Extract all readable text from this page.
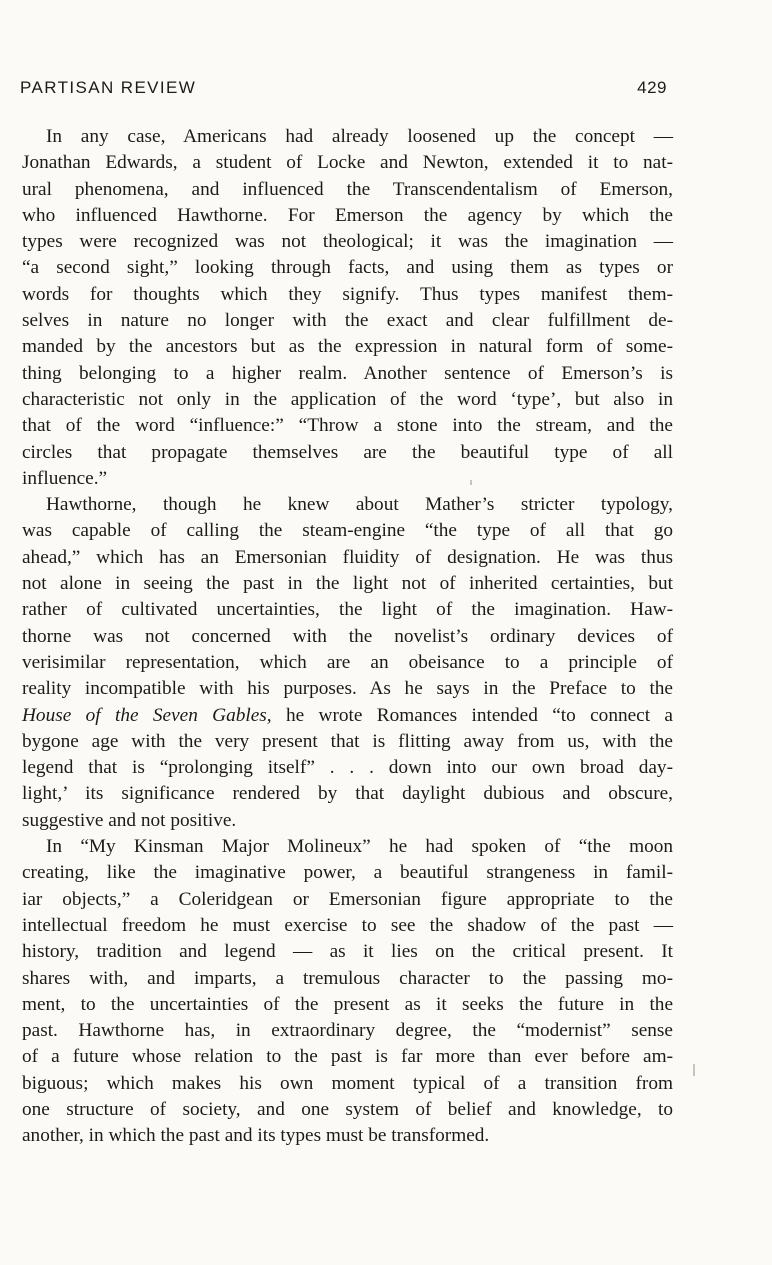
PARTISAN REVIEW	429
In any case, Americans had already loosened up the concept —
Jonathan Edwards, a student of Locke and Newton, extended it to nat-
ural phenomena, and influenced the Transcendentalism of Emerson,
who influenced Hawthorne. For Emerson the agency by which the
types were recognized was not theological; it was the imagination —
“a second sight,” looking through facts, and using them as types or
words for thoughts which they signify. Thus types manifest them-
selves in nature no longer with the exact and clear fulfillment de-
manded by the ancestors but as the expression in natural form of some-
thing belonging to a higher realm. Another sentence of Emerson’s is
characteristic not only in the application of the word ‘type’, but also in
that of the word “influence:” “Throw a stone into the stream, and the
circles that propagate themselves are the beautiful type of all
influence.”
Hawthorne, though he knew about Mather’s stricter typology,
was capable of calling the steam-engine “the type of all that go
ahead,” which has an Emersonian fluidity of designation. He was thus
not alone in seeing the past in the light not of inherited certainties, but
rather of cultivated uncertainties, the light of the imagination. Haw-
thorne was not concerned with the novelist’s ordinary devices of
verisimilar representation, which are an obeisance to a principle of
reality incompatible with his purposes. As he says in the Preface to the
House of the Seven Gables, he wrote Romances intended “to connect a
bygone age with the very present that is flitting away from us, with the
legend that is “prolonging itself” . . . down into our own broad day-
light,’ its significance rendered by that daylight dubious and obscure,
suggestive and not positive.
In “My Kinsman Major Molineux” he had spoken of “the moon
creating, like the imaginative power, a beautiful strangeness in famil-
iar objects,” a Coleridgean or Emersonian figure appropriate to the
intellectual freedom he must exercise to see the shadow of the past —
history, tradition and legend — as it lies on the critical present. It
shares with, and imparts, a tremulous character to the passing mo-
ment, to the uncertainties of the present as it seeks the future in the
past. Hawthorne has, in extraordinary degree, the “modernist” sense
of a future whose relation to the past is far more than ever before am-
biguous; which makes his own moment typical of a transition from
one structure of society, and one system of belief and knowledge, to
another, in which the past and its types must be transformed.
